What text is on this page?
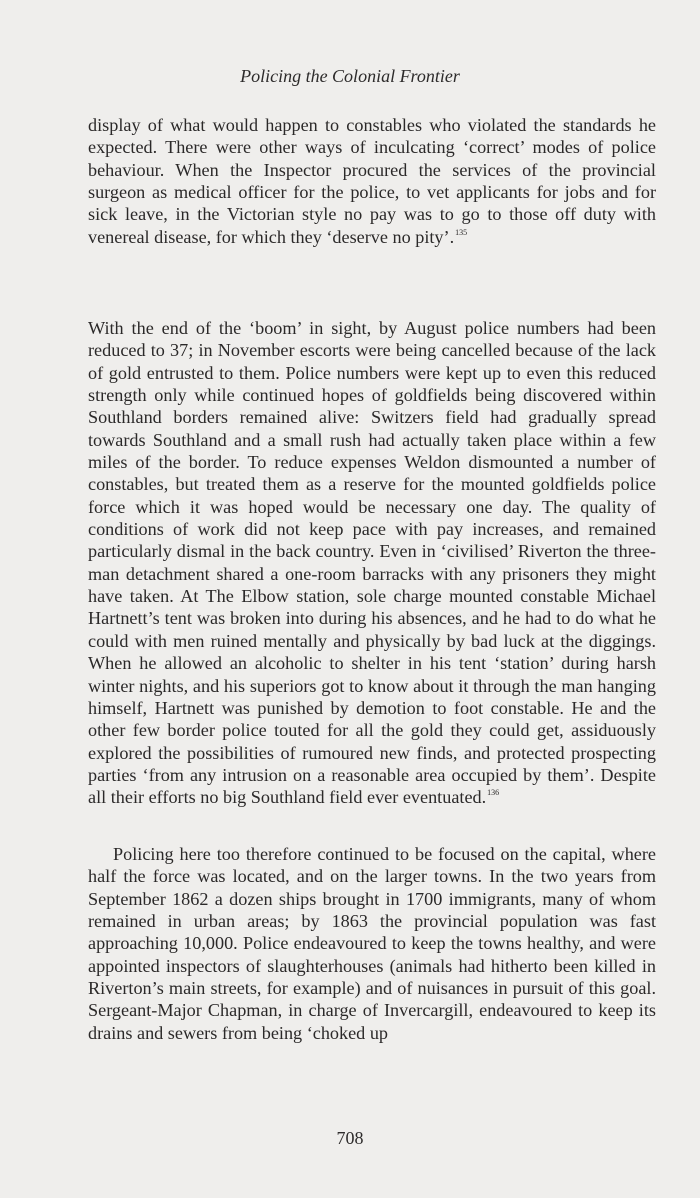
Policing the Colonial Frontier

display of what would happen to constables who violated the standards he expected. There were other ways of inculcating ‘correct’ modes of police behaviour. When the Inspector procured the services of the provincial surgeon as medical officer for the police, to vet applicants for jobs and for sick leave, in the Victorian style no pay was to go to those off duty with venereal disease, for which they ‘deserve no pity’.$^{135}$

With the end of the ‘boom’ in sight, by August police numbers had been reduced to 37; in November escorts were being cancelled because of the lack of gold entrusted to them. Police numbers were kept up to even this reduced strength only while continued hopes of goldfields being discovered within Southland borders remained alive: Switzers field had gradually spread towards Southland and a small rush had actually taken place within a few miles of the border. To reduce expenses Weldon dismounted a number of constables, but treated them as a reserve for the mounted goldfields police force which it was hoped would be necessary one day. The quality of conditions of work did not keep pace with pay increases, and remained particularly dismal in the back country. Even in ‘civilised’ Riverton the three-man detachment shared a one-room barracks with any prisoners they might have taken. At The Elbow station, sole charge mounted constable Michael Hartnett’s tent was broken into during his absences, and he had to do what he could with men ruined mentally and physically by bad luck at the diggings. When he allowed an alcoholic to shelter in his tent ‘station’ during harsh winter nights, and his superiors got to know about it through the man hanging himself, Hartnett was punished by demotion to foot constable. He and the other few border police touted for all the gold they could get, assiduously explored the possibilities of rumoured new finds, and protected prospecting parties ‘from any intrusion on a reasonable area occupied by them’. Despite all their efforts no big Southland field ever eventuated.$^{136}$

Policing here too therefore continued to be focused on the capital, where half the force was located, and on the larger towns. In the two years from September 1862 a dozen ships brought in 1700 immigrants, many of whom remained in urban areas; by 1863 the provincial population was fast approaching 10,000. Police endeavoured to keep the towns healthy, and were appointed inspectors of slaughterhouses (animals had hitherto been killed in Riverton’s main streets, for example) and of nuisances in pursuit of this goal. Sergeant-Major Chapman, in charge of Invercargill, endeavoured to keep its drains and sewers from being ‘choked up

708
